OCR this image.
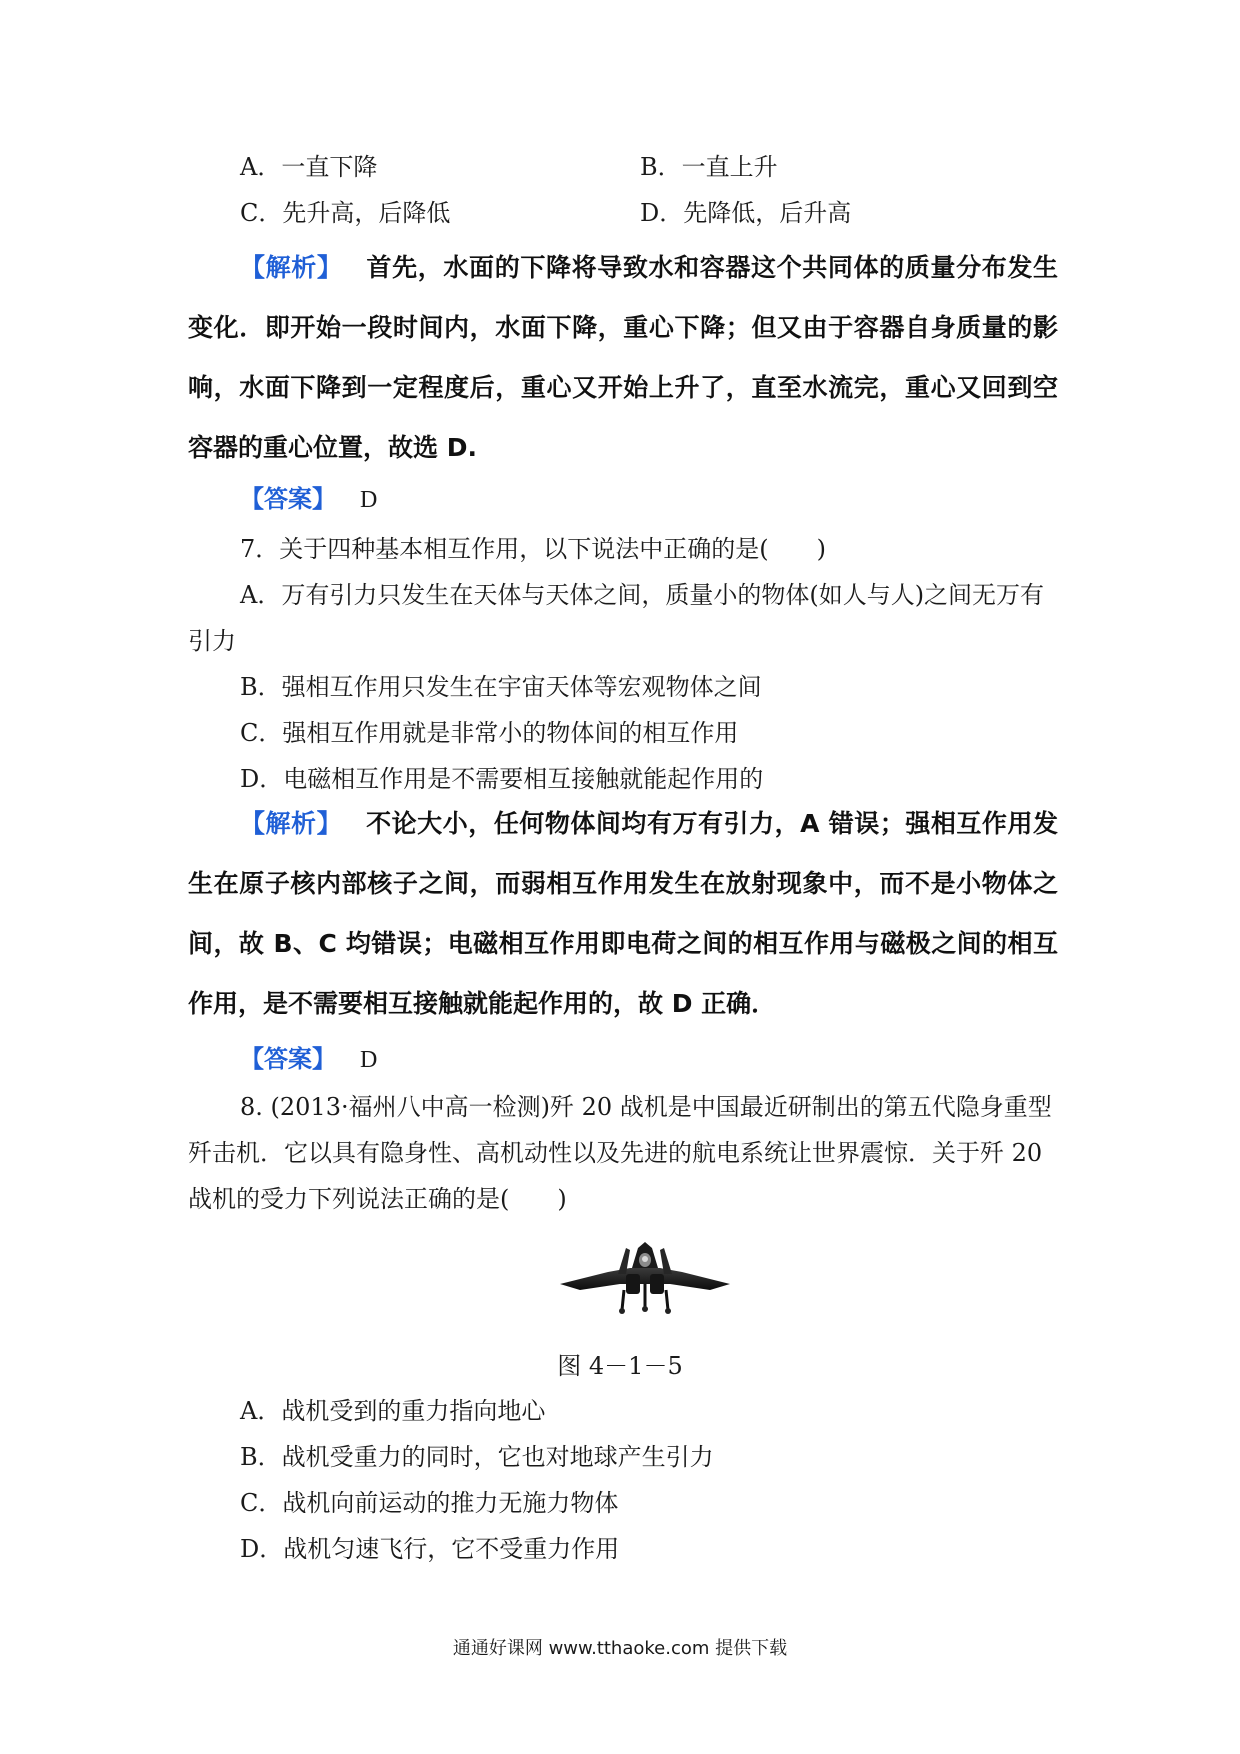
A．一直下降	B．一直上升
C．先升高，后降低	D．先降低，后升高
【解析】 首先，水面的下降将导致水和容器这个共同体的质量分布发生变化．即开始一段时间内，水面下降，重心下降；但又由于容器自身质量的影响，水面下降到一定程度后，重心又开始上升了，直至水流完，重心又回到空容器的重心位置，故选 D.
【答案】 D
7．关于四种基本相互作用，以下说法中正确的是(　　)
A．万有引力只发生在天体与天体之间，质量小的物体(如人与人)之间无万有引力
B．强相互作用只发生在宇宙天体等宏观物体之间
C．强相互作用就是非常小的物体间的相互作用
D．电磁相互作用是不需要相互接触就能起作用的
【解析】 不论大小，任何物体间均有万有引力，A 错误；强相互作用发生在原子核内部核子之间，而弱相互作用发生在放射现象中，而不是小物体之间，故 B、C 均错误；电磁相互作用即电荷之间的相互作用与磁极之间的相互作用，是不需要相互接触就能起作用的，故 D 正确．
【答案】 D
8. (2013·福州八中高一检测)歼 20 战机是中国最近研制出的第五代隐身重型歼击机．它以具有隐身性、高机动性以及先进的航电系统让世界震惊．关于歼 20 战机的受力下列说法正确的是(　　)
图 4－1－5
A．战机受到的重力指向地心
B．战机受重力的同时，它也对地球产生引力
C．战机向前运动的推力无施力物体
D．战机匀速飞行，它不受重力作用
通通好课网 www.tthaoke.com 提供下载
